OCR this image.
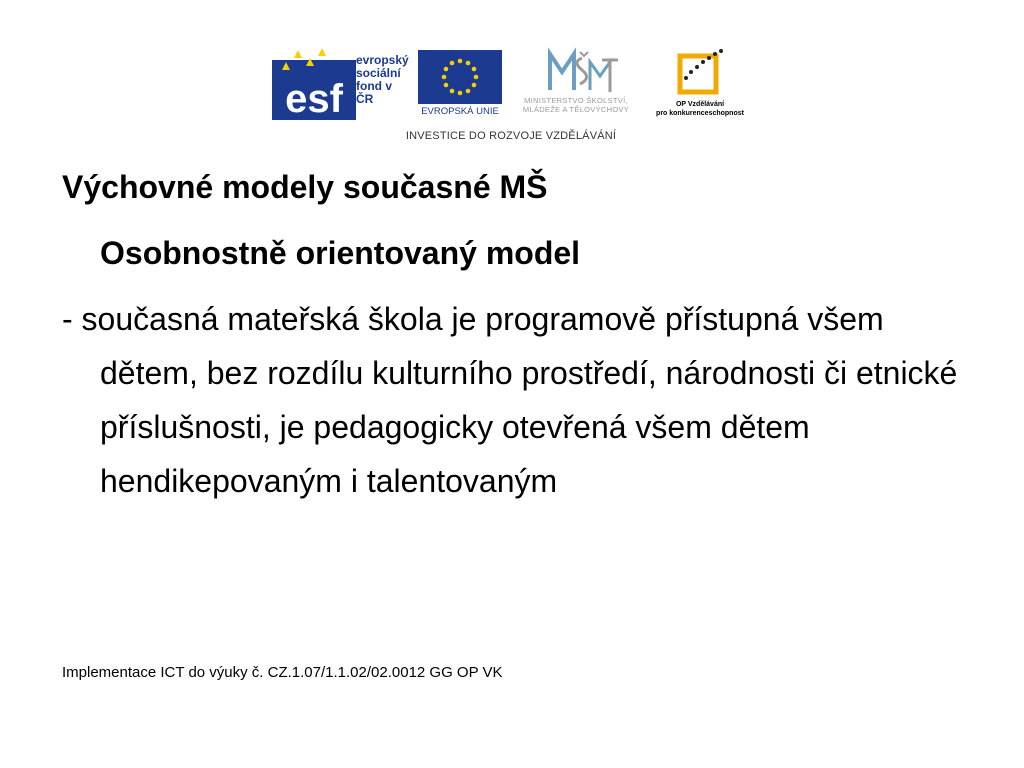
esf
evropský
sociální
fond v ČR
EVROPSKÁ UNIE
MINISTERSTVO ŠKOLSTVÍ,
MLÁDEŽE A TĚLOVÝCHOVY
OP Vzdělávání
pro konkurenceschopnost
INVESTICE DO ROZVOJE VZDĚLÁVÁNÍ

Výchovné modely současné MŠ

Osobnostně orientovaný model

- současná mateřská škola je programově přístupná všem dětem, bez rozdílu kulturního prostředí, národnosti či etnické příslušnosti, je pedagogicky otevřená všem dětem hendikepovaným i talentovaným

Implementace ICT do výuky č. CZ.1.07/1.1.02/02.0012 GG OP VK
